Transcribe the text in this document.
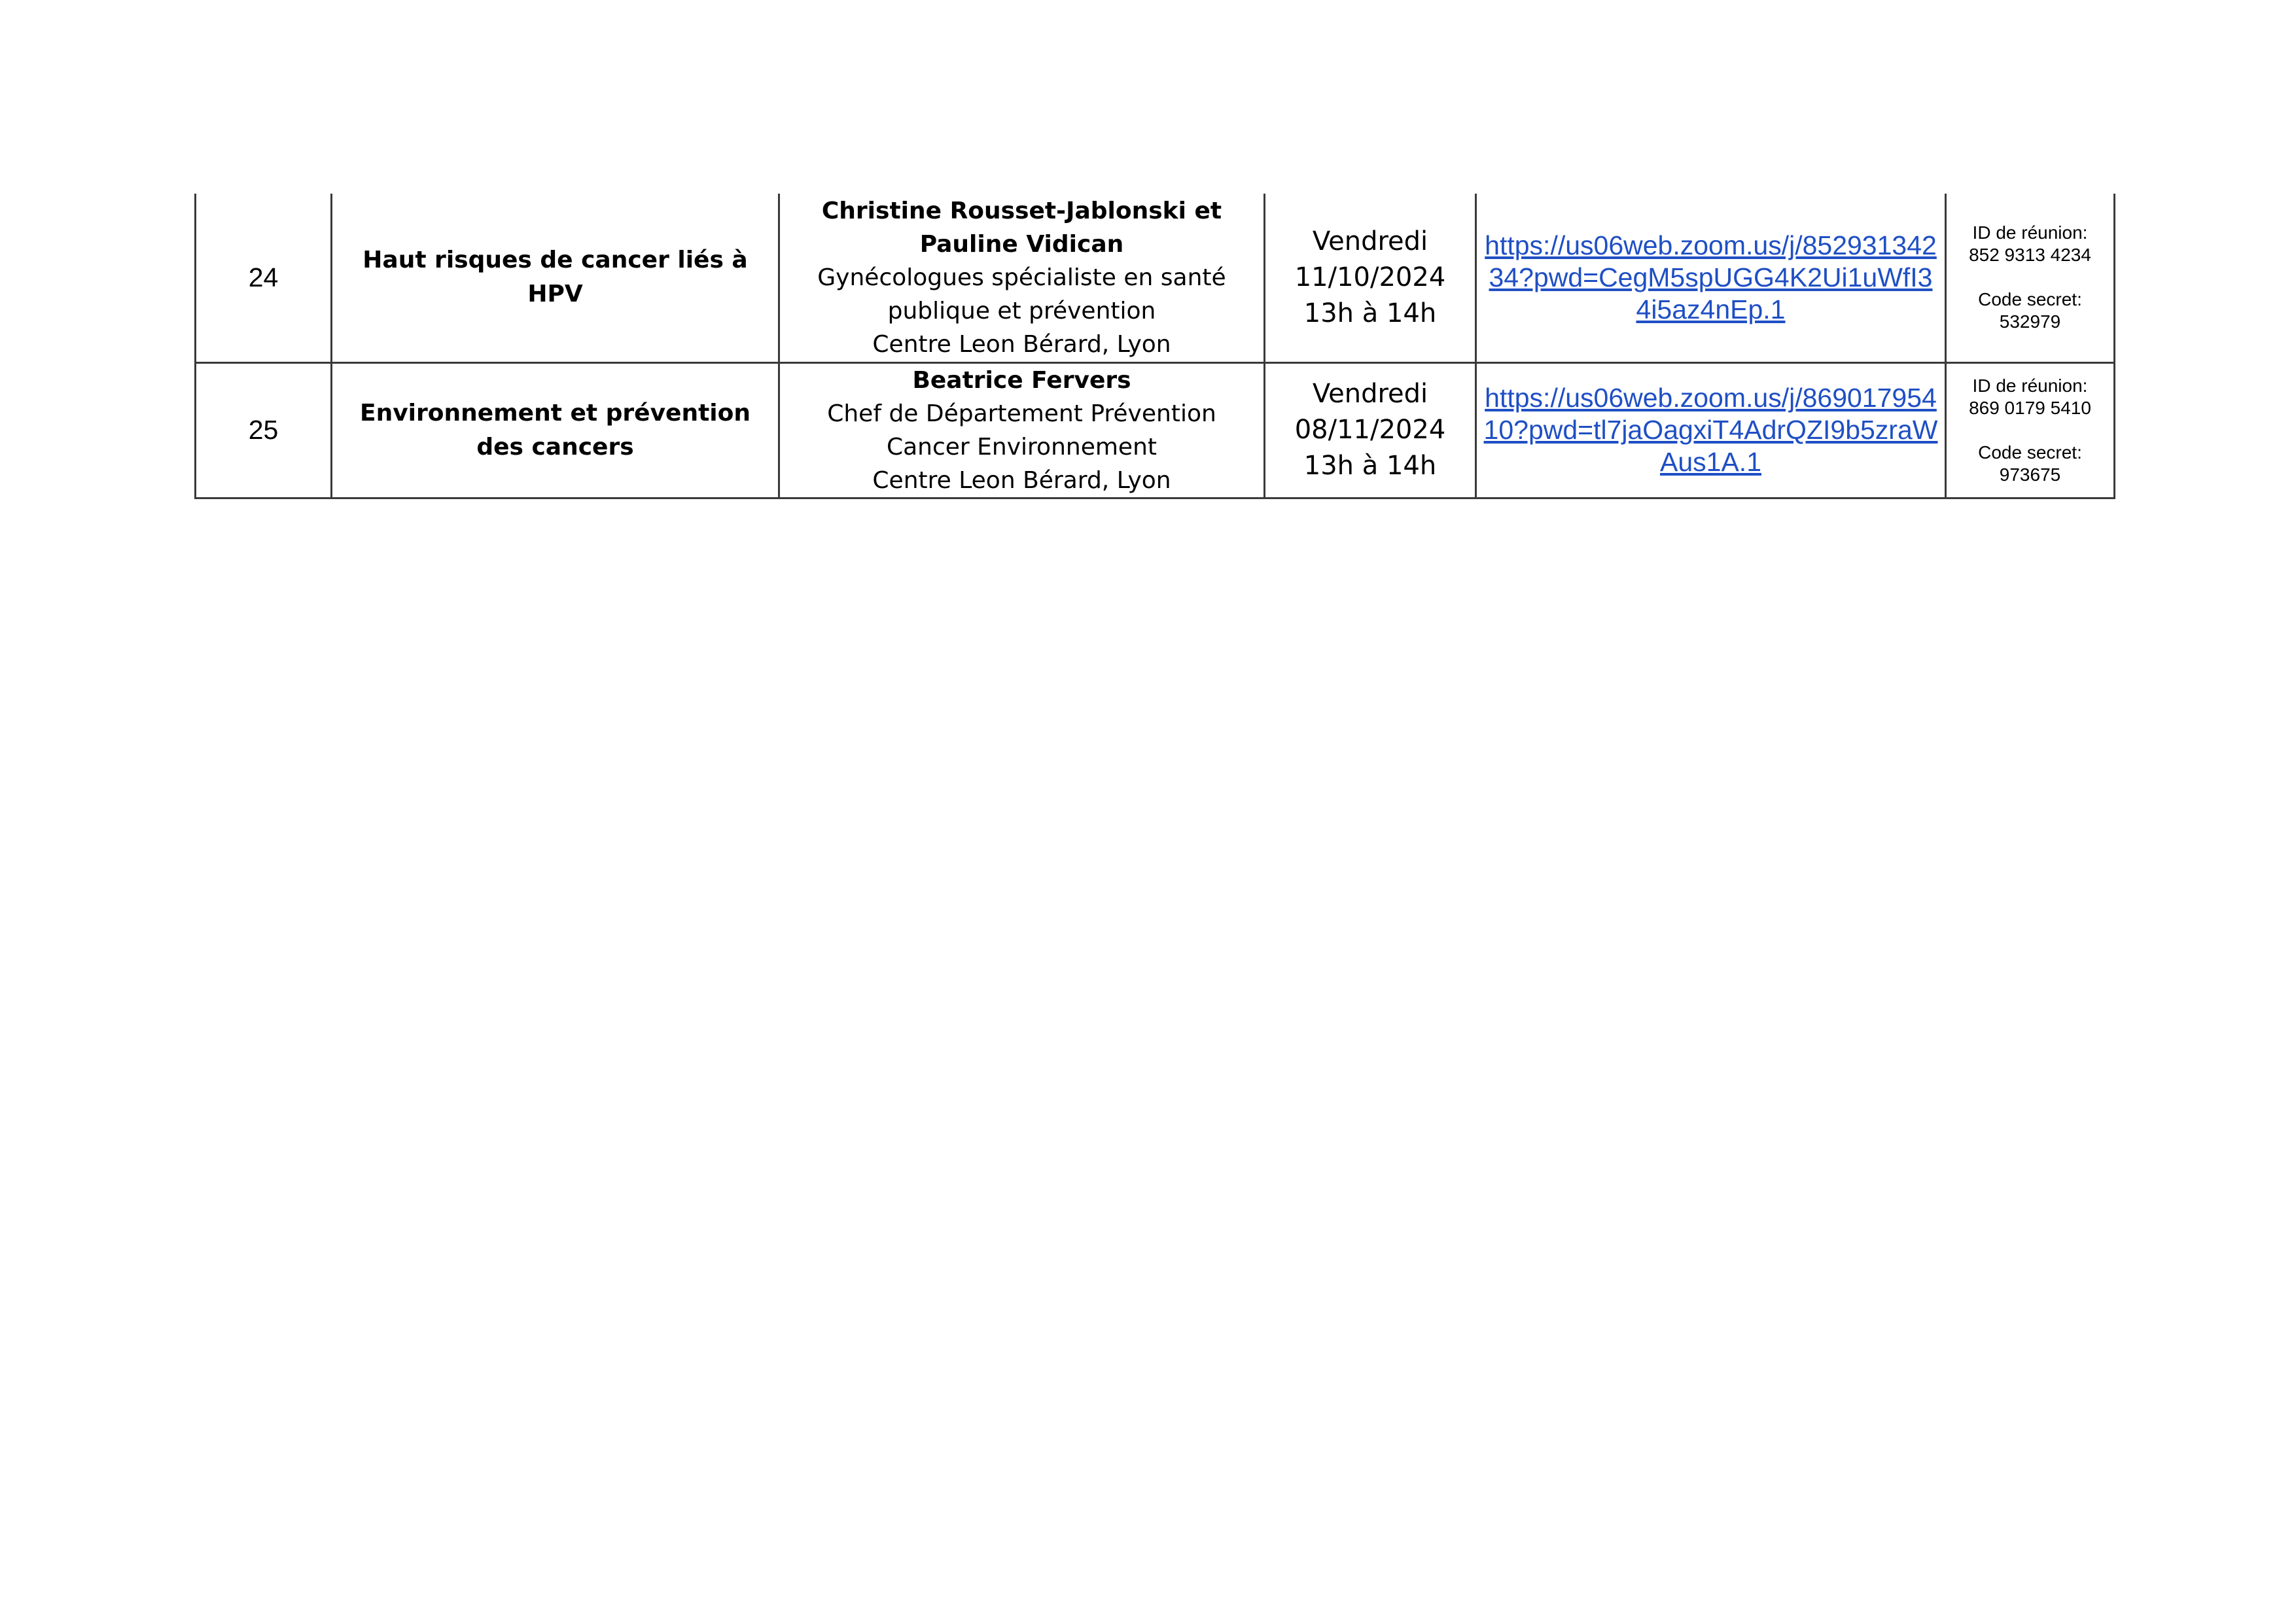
24	Haut risques de cancer liés à HPV	Christine Rousset-Jablonski et Pauline Vidican
Gynécologues spécialiste en santé publique et prévention
Centre Leon Bérard, Lyon	Vendredi
11/10/2024
13h à 14h	https://us06web.zoom.us/j/85293134234?pwd=CegM5spUGG4K2Ui1uWfI34i5az4nEp.1	ID de réunion:
852 9313 4234
Code secret:
532979

25	Environnement et prévention des cancers	Beatrice Fervers
Chef de Département Prévention Cancer Environnement
Centre Leon Bérard, Lyon	Vendredi
08/11/2024
13h à 14h	https://us06web.zoom.us/j/86901795410?pwd=tl7jaOagxiT4AdrQZI9b5zraWAus1A.1	ID de réunion:
869 0179 5410
Code secret:
973675
